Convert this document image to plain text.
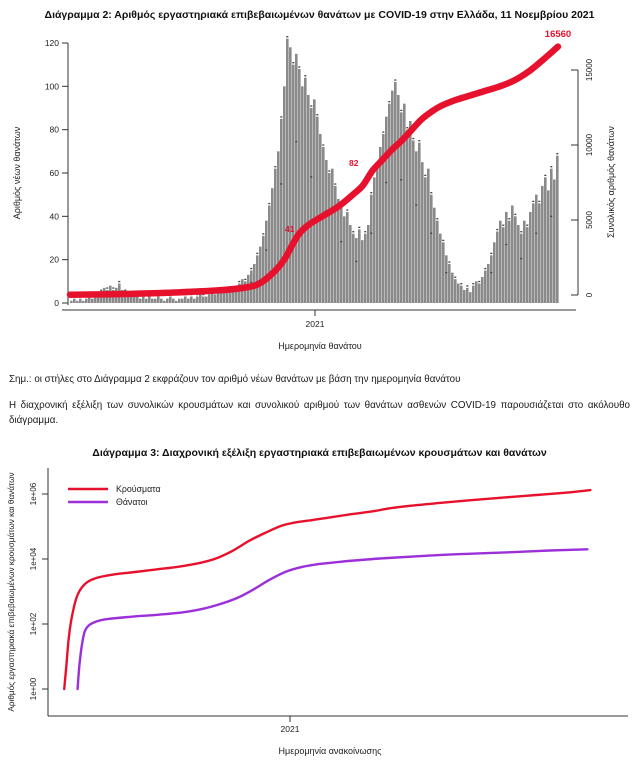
Διάγραμμα 2: Αριθμός εργαστηριακά επιβεβαιωμένων θανάτων με COVID-19 στην Ελλάδα, 11 Νοεμβρίου 2021
Σημ.: οι στήλες στο Διάγραμμα 2 εκφράζουν τον αριθμό νέων θανάτων με βάση την ημερομηνία θανάτου
Η διαχρονική εξέλιξη των συνολικών κρουσμάτων και συνολικού αριθμού των θανάτων ασθενών COVID-19 παρουσιάζεται στο ακόλουθο διάγραμμα.
Διάγραμμα 3: Διαχρονική εξέλιξη εργαστηριακά επιβεβαιωμένων κρουσμάτων και θανάτων
0
20
40
60
80
100
120
Αριθμός νέων θανάτων
2021
Ημερομηνία θανάτου
0
5000
10000
15000
Συνολικός αριθμός θανάτων
41
82
16560
1e+00
1e+02
1e+04
1e+06
2021
Ημερομηνία ανακοίνωσης
Αριθμός εργαστηριακά επιβεβαιωμένων κρουσμάτων και θανάτων	Κρούσματα
Θάνατοι
